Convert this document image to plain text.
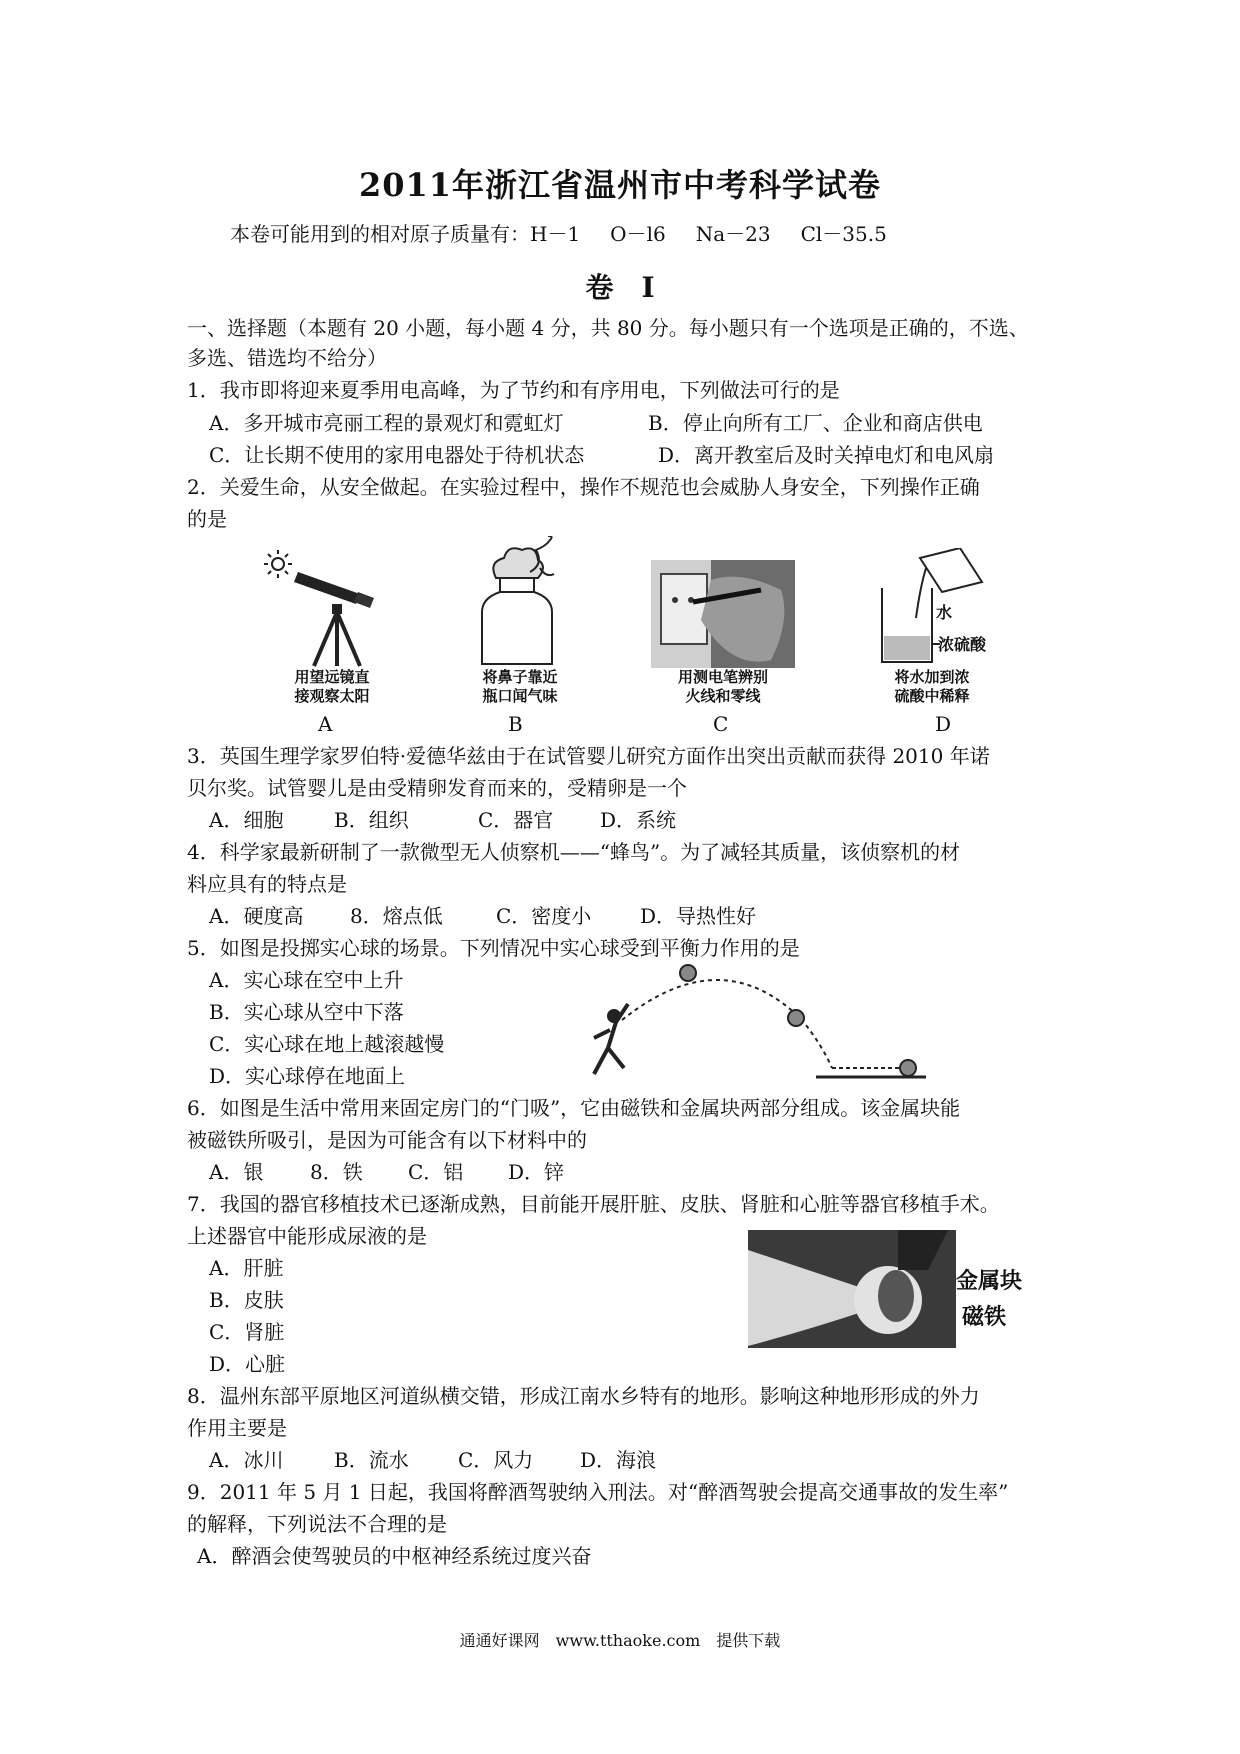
2011年浙江省温州市中考科学试卷
本卷可能用到的相对原子质量有：H－1 O－l6 Na－23 Cl－35.5
卷　I
一、选择题（本题有 20 小题，每小题 4 分，共 80 分。每小题只有一个选项是正确的，不选、
多选、错选均不给分）
1．我市即将迎来夏季用电高峰，为了节约和有序用电，下列做法可行的是
A．多开城市亮丽工程的景观灯和霓虹灯	B．停止向所有工厂、企业和商店供电
C．让长期不使用的家用电器处于待机状态	D．离开教室后及时关掉电灯和电风扇
2．关爱生命，从安全做起。在实验过程中，操作不规范也会威胁人身安全，下列操作正确
的是
用望远镜直
接观察太阳
A
将鼻子靠近
瓶口闻气味
B
用测电笔辨别
火线和零线
C
水
浓硫酸
将水加到浓
硫酸中稀释
D
3．英国生理学家罗伯特·爱德华兹由于在试管婴儿研究方面作出突出贡献而获得 2010 年诺
贝尔奖。试管婴儿是由受精卵发育而来的，受精卵是一个
A．细胞	B．组织	C．器官 D．系统
4．科学家最新研制了一款微型无人侦察机——“蜂鸟”。为了减轻其质量，该侦察机的材
料应具有的特点是
A．硬度高 8．熔点低	C．密度小 D．导热性好
5．如图是投掷实心球的场景。下列情况中实心球受到平衡力作用的是
A．实心球在空中上升
B．实心球从空中下落
C．实心球在地上越滚越慢
D．实心球停在地面上
6．如图是生活中常用来固定房门的“门吸”，它由磁铁和金属块两部分组成。该金属块能
被磁铁所吸引，是因为可能含有以下材料中的
A．银 8．铁 C．铝 D．锌
7．我国的器官移植技术已逐渐成熟，目前能开展肝脏、皮肤、肾脏和心脏等器官移植手术。
上述器官中能形成尿液的是
A．肝脏
B．皮肤
C．肾脏
D．心脏
金属块
磁铁
8．温州东部平原地区河道纵横交错，形成江南水乡特有的地形。影响这种地形形成的外力
作用主要是
A．冰川	B．流水 C．风力 D．海浪
9．2011 年 5 月 1 日起，我国将醉酒驾驶纳入刑法。对“醉酒驾驶会提高交通事故的发生率”
的解释，下列说法不合理的是
A．醉酒会使驾驶员的中枢神经系统过度兴奋
通通好课网　www.tthaoke.com　提供下载
